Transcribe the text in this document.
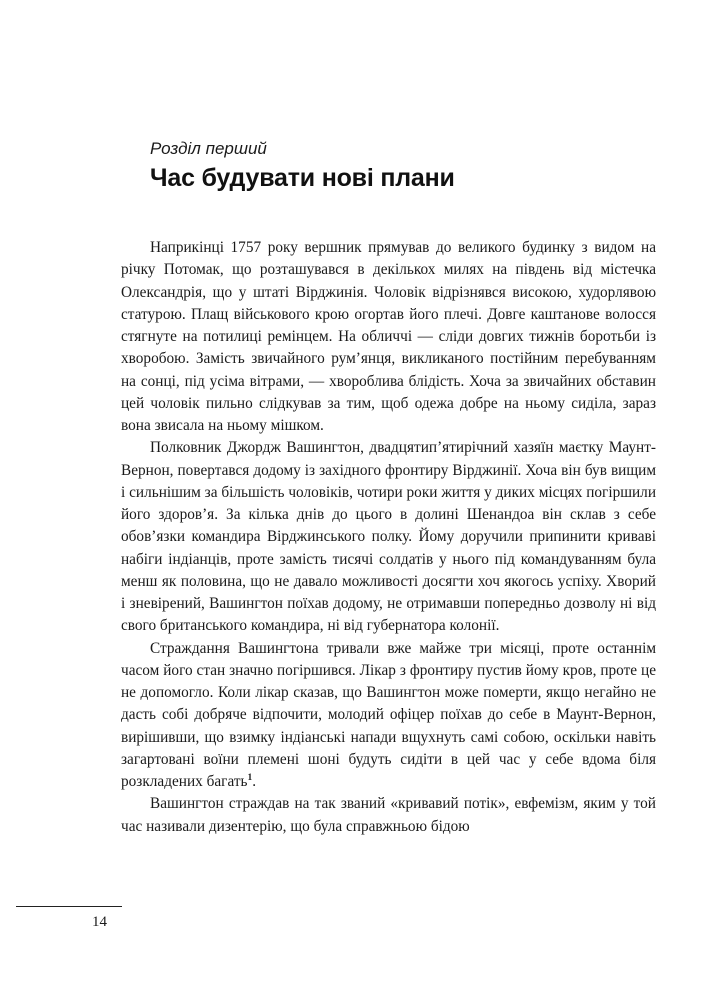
Розділ перший

Час будувати нові плани

Наприкінці 1757 року вершник прямував до великого будинку з видом на річку Потомак, що розташувався в декількох милях на південь від містечка Олександрія, що у штаті Вірджинія. Чоловік відрізнявся високою, худорлявою статурою. Плащ військового крою огортав його плечі. Довге каштанове волосся стягнуте на потилиці ремінцем. На обличчі — сліди довгих тижнів боротьби із хворобою. Замість звичайного рум’янця, викликаного постійним перебуванням на сонці, під усіма вітрами, — хвороблива блідість. Хоча за звичайних обставин цей чоловік пильно слідкував за тим, щоб одежа добре на ньому сиділа, зараз вона звисала на ньому мішком.

Полковник Джордж Вашингтон, двадцятип’ятирічний хазяїн маєтку Маунт-Вернон, повертався додому із західного фронтиру Вірджинії. Хоча він був вищим і сильнішим за більшість чоловіків, чотири роки життя у диких місцях погіршили його здоров’я. За кілька днів до цього в долині Шенандоа він склав з себе обов’язки командира Вірджинського полку. Йому доручили припинити криваві набіги індіанців, проте замість тисячі солдатів у нього під командуванням була менш як половина, що не давало можливості досягти хоч якогось успіху. Хворий і зневірений, Вашингтон поїхав додому, не отримавши попередньо дозволу ні від свого британського командира, ні від губернатора колонії.

Страждання Вашингтона тривали вже майже три місяці, проте останнім часом його стан значно погіршився. Лікар з фронтиру пустив йому кров, проте це не допомогло. Коли лікар сказав, що Вашингтон може померти, якщо негайно не дасть собі добряче відпочити, молодий офіцер поїхав до себе в Маунт-Вернон, вирішивши, що взимку індіанські напади вщухнуть самі собою, оскільки навіть загартовані воїни племені шоні будуть сидіти в цей час у себе вдома біля розкладених багать$^1$.

Вашингтон страждав на так званий «кривавий потік», евфемізм, яким у той час називали дизентерію, що була справжньою бідою

14
